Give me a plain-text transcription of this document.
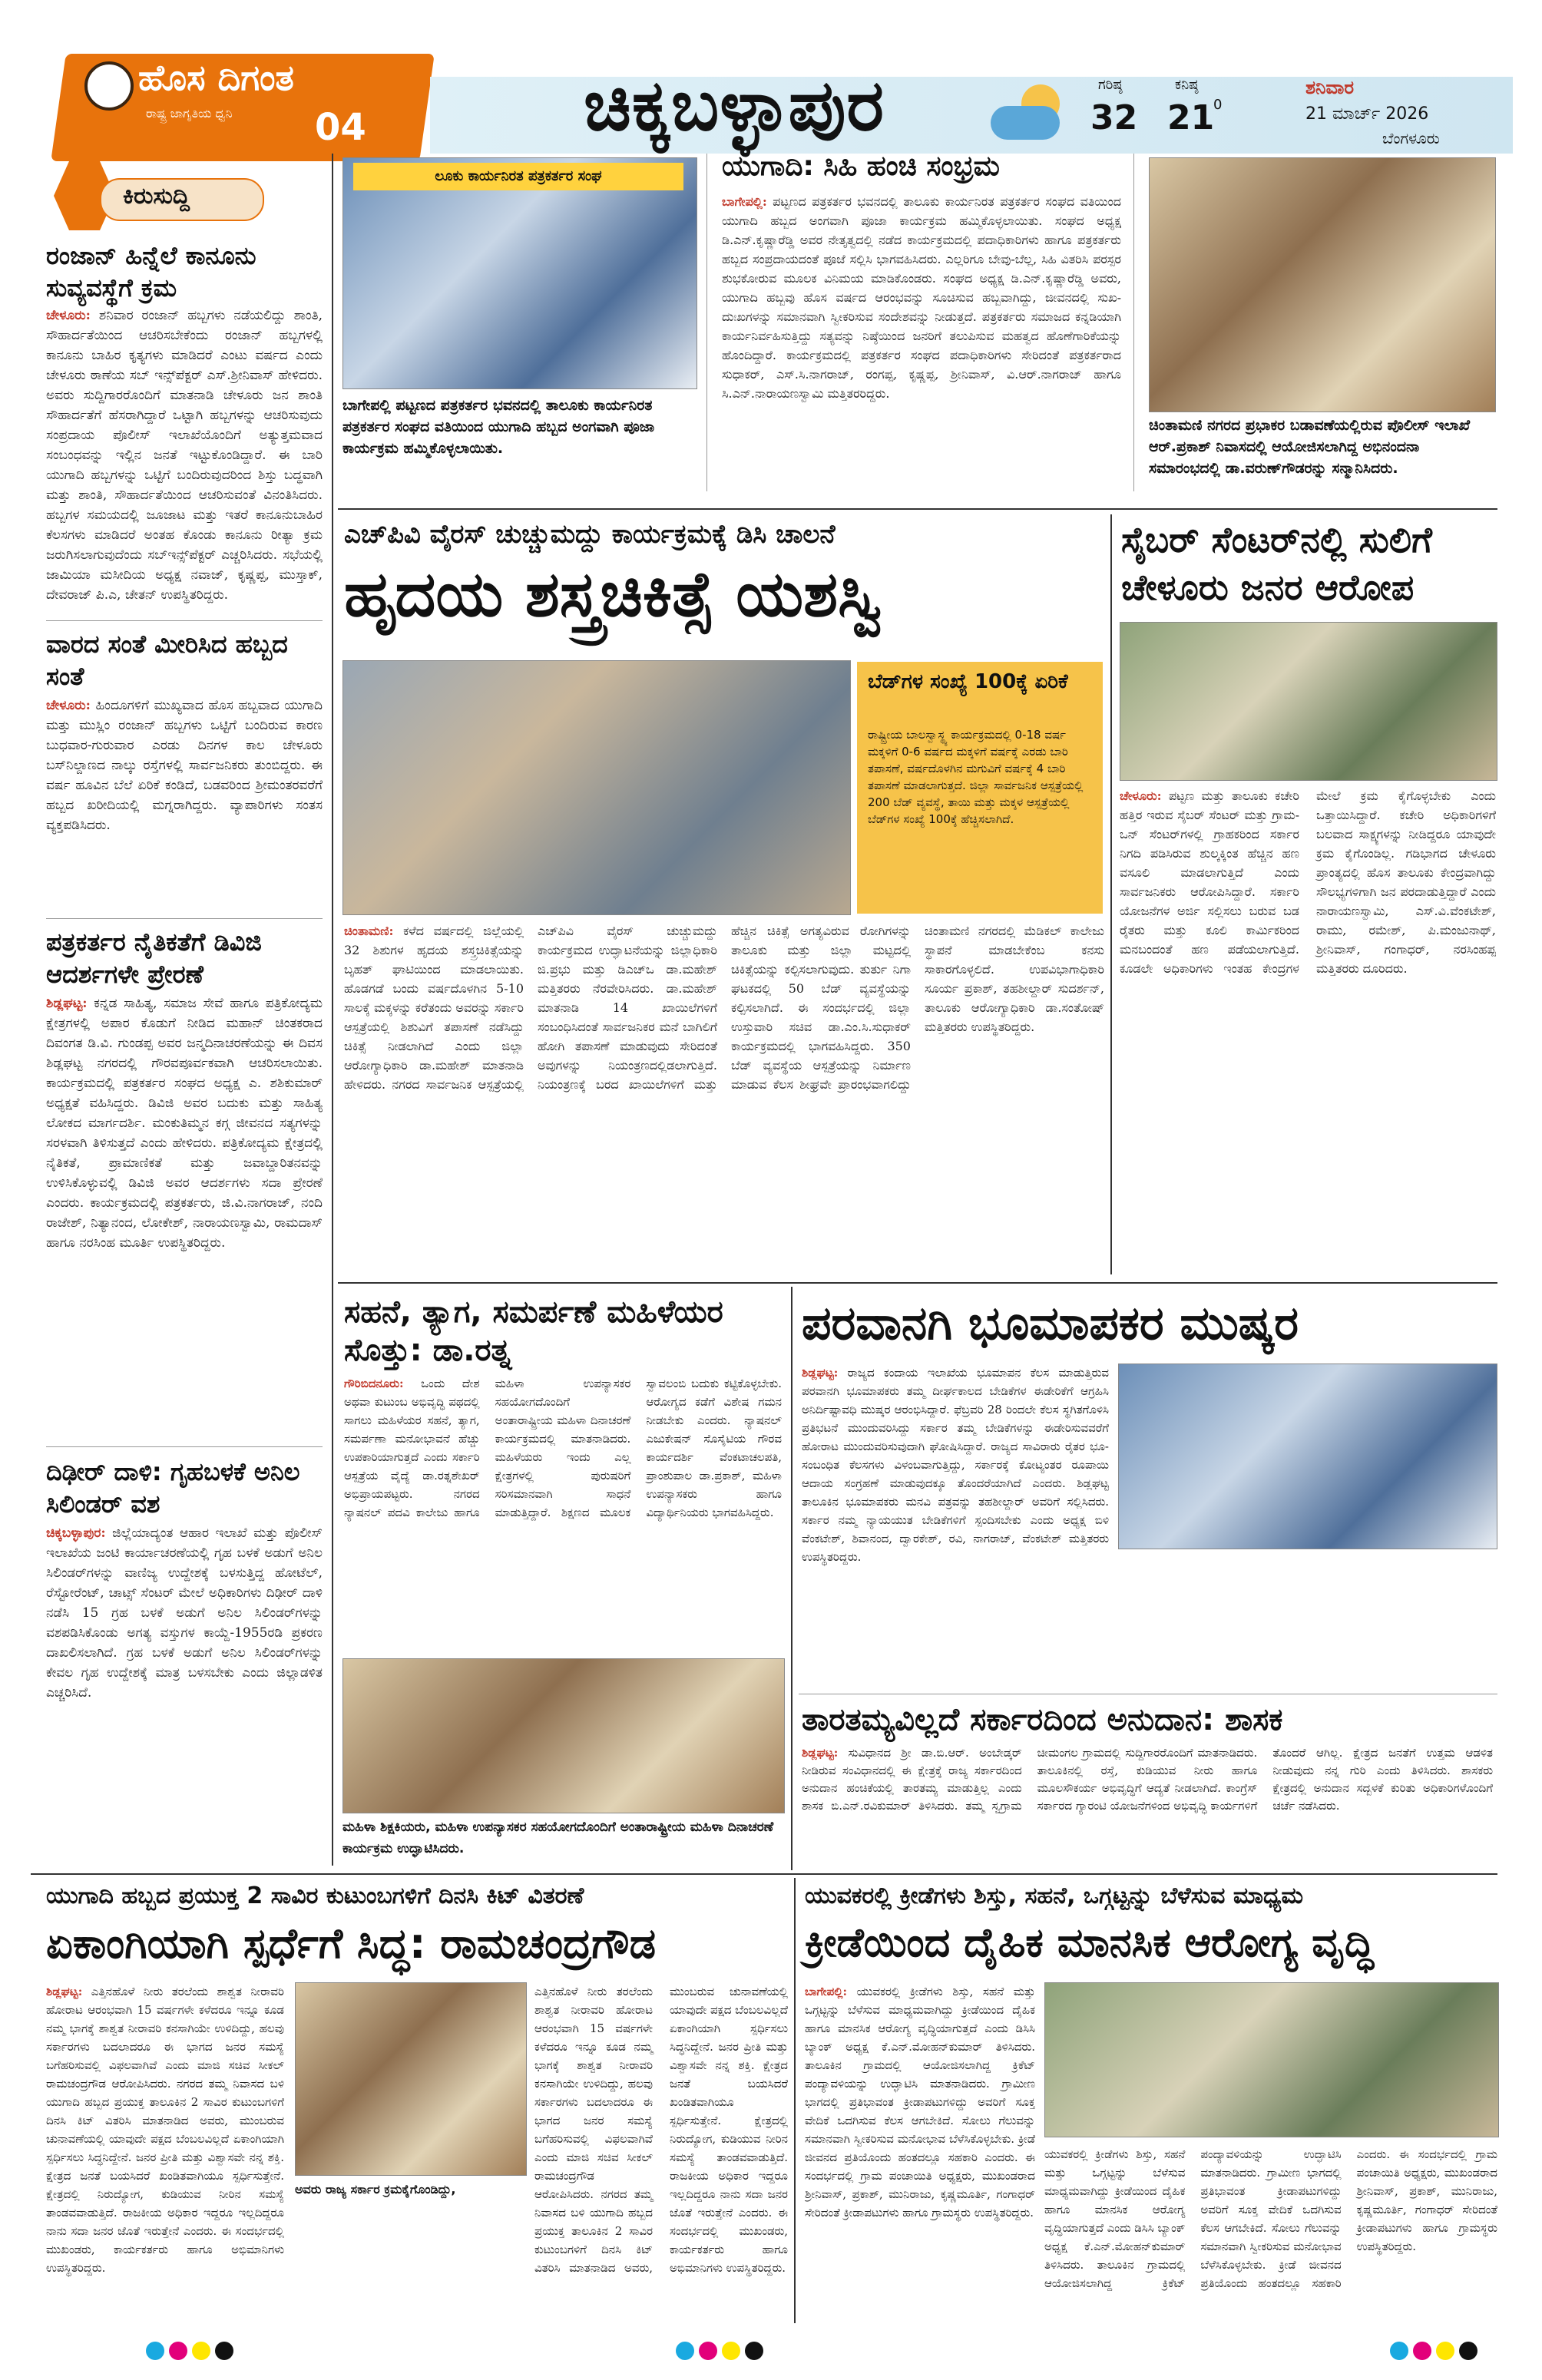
ಹೊಸ ದಿಗಂತ
ರಾಷ್ಟ್ರ ಜಾಗೃತಿಯ ಧ್ವನಿ 04	ಚಿಕ್ಕಬಳ್ಳಾಪುರ	ಗರಿಷ್ಠ
32
ಕನಿಷ್ಠ
21
0
ಶನಿವಾರ
21 ಮಾರ್ಚ್ 2026
ಬೆಂಗಳೂರು
ಕಿರುಸುದ್ದಿ
ರಂಜಾನ್ ಹಿನ್ನೆಲೆ ಕಾನೂನು ಸುವ್ಯವಸ್ಥೆಗೆ ಕ್ರಮ
ಚೇಳೂರು: ಶನಿವಾರ ರಂಜಾನ್ ಹಬ್ಬಗಳು ನಡೆಯಲಿದ್ದು ಶಾಂತಿ, ಸೌಹಾರ್ದತೆಯಿಂದ ಆಚರಿಸಬೇಕೆಂದು ರಂಜಾನ್ ಹಬ್ಬಗಳಲ್ಲಿ ಕಾನೂನು ಬಾಹಿರ ಕೃತ್ಯಗಳು ಮಾಡಿದರೆ ಎಂಟು ವರ್ಷದ ಎಂದು ಚೇಳೂರು ಠಾಣೆಯ ಸಬ್ ಇನ್ಸ್‌ಪೆಕ್ಟರ್ ಎಸ್.ಶ್ರೀನಿವಾಸ್ ಹೇಳಿದರು. ಅವರು ಸುದ್ದಿಗಾರರೊಂದಿಗೆ ಮಾತನಾಡಿ ಚೇಳೂರು ಜನ ಶಾಂತಿ ಸೌಹಾರ್ದತೆಗೆ ಹೆಸರಾಗಿದ್ದಾರೆ ಒಟ್ಟಾಗಿ ಹಬ್ಬಗಳನ್ನು ಆಚರಿಸುವುದು ಸಂಪ್ರದಾಯ ಪೊಲೀಸ್ ಇಲಾಖೆಯೊಂದಿಗೆ ಅತ್ಯುತ್ತಮವಾದ ಸಂಬಂಧವನ್ನು ಇಲ್ಲಿನ ಜನತೆ ಇಟ್ಟುಕೊಂಡಿದ್ದಾರೆ. ಈ ಬಾರಿ ಯುಗಾದಿ ಹಬ್ಬಗಳನ್ನು ಒಟ್ಟಿಗೆ ಬಂದಿರುವುದರಿಂದ ಶಿಸ್ತು ಬದ್ಧವಾಗಿ ಮತ್ತು ಶಾಂತಿ, ಸೌಹಾರ್ದತೆಯಿಂದ ಆಚರಿಸುವಂತೆ ವಿನಂತಿಸಿದರು. ಹಬ್ಬಗಳ ಸಮಯದಲ್ಲಿ ಜೂಜಾಟ ಮತ್ತು ಇತರೆ ಕಾನೂನುಬಾಹಿರ ಕೆಲಸಗಳು ಮಾಡಿದರೆ ಅಂತಹ ಕೊಂಡು ಕಾನೂನು ರೀತ್ಯಾ ಕ್ರಮ ಜರುಗಿಸಲಾಗುವುದೆಂದು ಸಬ್‌ಇನ್ಸ್‌ಪೆಕ್ಟರ್ ಎಚ್ಚರಿಸಿದರು. ಸಭೆಯಲ್ಲಿ ಜಾಮಿಯಾ ಮಸೀದಿಯ ಅಧ್ಯಕ್ಷ ನವಾಜ್, ಕೃಷ್ಣಪ್ಪ, ಮುಸ್ತಾಕ್, ದೇವರಾಜ್ ಪಿ.ಎ, ಚೇತನ್ ಉಪಸ್ಥಿತರಿದ್ದರು.
ವಾರದ ಸಂತೆ ಮೀರಿಸಿದ ಹಬ್ಬದ ಸಂತೆ
ಚೇಳೂರು: ಹಿಂದೂಗಳಿಗೆ ಮುಖ್ಯವಾದ ಹೊಸ ಹಬ್ಬವಾದ ಯುಗಾದಿ ಮತ್ತು ಮುಸ್ಲಿಂ ರಂಜಾನ್ ಹಬ್ಬಗಳು ಒಟ್ಟಿಗೆ ಬಂದಿರುವ ಕಾರಣ ಬುಧವಾರ-ಗುರುವಾರ ಎರಡು ದಿನಗಳ ಕಾಲ ಚೇಳೂರು ಬಸ್‌ನಿಲ್ದಾಣದ ನಾಲ್ಕು ರಸ್ತೆಗಳಲ್ಲಿ ಸಾರ್ವಜನಿಕರು ತುಂಬಿದ್ದರು. ಈ ವರ್ಷ ಹೂವಿನ ಬೆಲೆ ಏರಿಕೆ ಕಂಡಿದೆ, ಬಡವರಿಂದ ಶ್ರೀಮಂತರವರೆಗೆ ಹಬ್ಬದ ಖರೀದಿಯಲ್ಲಿ ಮಗ್ನರಾಗಿದ್ದರು. ವ್ಯಾಪಾರಿಗಳು ಸಂತಸ ವ್ಯಕ್ತಪಡಿಸಿದರು.
ಪತ್ರಕರ್ತರ ನೈತಿಕತೆಗೆ ಡಿವಿಜಿ ಆದರ್ಶಗಳೇ ಪ್ರೇರಣೆ
ಶಿಡ್ಲಘಟ್ಟ: ಕನ್ನಡ ಸಾಹಿತ್ಯ, ಸಮಾಜ ಸೇವೆ ಹಾಗೂ ಪತ್ರಿಕೋದ್ಯಮ ಕ್ಷೇತ್ರಗಳಲ್ಲಿ ಅಪಾರ ಕೊಡುಗೆ ನೀಡಿದ ಮಹಾನ್ ಚಿಂತಕರಾದ ದಿವಂಗತ ಡಿ.ವಿ. ಗುಂಡಪ್ಪ ಅವರ ಜನ್ಮದಿನಾಚರಣೆಯನ್ನು ಈ ದಿವಸ ಶಿಡ್ಲಘಟ್ಟ ನಗರದಲ್ಲಿ ಗೌರವಪೂರ್ವಕವಾಗಿ ಆಚರಿಸಲಾಯಿತು. ಕಾರ್ಯಕ್ರಮದಲ್ಲಿ ಪತ್ರಕರ್ತರ ಸಂಘದ ಅಧ್ಯಕ್ಷ ಎ. ಶಶಿಕುಮಾರ್ ಅಧ್ಯಕ್ಷತೆ ವಹಿಸಿದ್ದರು. ಡಿವಿಜಿ ಅವರ ಬದುಕು ಮತ್ತು ಸಾಹಿತ್ಯ ಲೋಕದ ಮಾರ್ಗದರ್ಶಿ. ಮಂಕುತಿಮ್ಮನ ಕಗ್ಗ ಜೀವನದ ಸತ್ಯಗಳನ್ನು ಸರಳವಾಗಿ ತಿಳಿಸುತ್ತದೆ ಎಂದು ಹೇಳಿದರು. ಪತ್ರಿಕೋದ್ಯಮ ಕ್ಷೇತ್ರದಲ್ಲಿ ನೈತಿಕತೆ, ಪ್ರಾಮಾಣಿಕತೆ ಮತ್ತು ಜವಾಬ್ದಾರಿತನವನ್ನು ಉಳಿಸಿಕೊಳ್ಳುವಲ್ಲಿ ಡಿವಿಜಿ ಅವರ ಆದರ್ಶಗಳು ಸದಾ ಪ್ರೇರಣೆ ಎಂದರು. ಕಾರ್ಯಕ್ರಮದಲ್ಲಿ ಪತ್ರಕರ್ತರು, ಜಿ.ವಿ.ನಾಗರಾಜ್, ನಂದಿ ರಾಜೇಶ್, ನಿತ್ಯಾನಂದ, ಲೋಕೇಶ್, ನಾರಾಯಣಸ್ವಾಮಿ, ರಾಮದಾಸ್ ಹಾಗೂ ನರಸಿಂಹ ಮೂರ್ತಿ ಉಪಸ್ಥಿತರಿದ್ದರು.
ದಿಢೀರ್ ದಾಳಿ: ಗೃಹಬಳಕೆ ಅನಿಲ ಸಿಲಿಂಡರ್ ವಶ
ಚಿಕ್ಕಬಳ್ಳಾಪುರ: ಜಿಲ್ಲೆಯಾದ್ಯಂತ ಆಹಾರ ಇಲಾಖೆ ಮತ್ತು ಪೊಲೀಸ್ ಇಲಾಖೆಯ ಜಂಟಿ ಕಾರ್ಯಾಚರಣೆಯಲ್ಲಿ ಗೃಹ ಬಳಕೆ ಅಡುಗೆ ಅನಿಲ ಸಿಲಿಂಡರ್‌ಗಳನ್ನು ವಾಣಿಜ್ಯ ಉದ್ದೇಶಕ್ಕೆ ಬಳಸುತ್ತಿದ್ದ ಹೋಟೆಲ್, ರೆಸ್ಟೋರೆಂಟ್, ಚಾಟ್ಸ್ ಸೆಂಟರ್ ಮೇಲೆ ಅಧಿಕಾರಿಗಳು ದಿಢೀರ್ ದಾಳಿ ನಡೆಸಿ 15 ಗ್ರಹ ಬಳಕೆ ಅಡುಗೆ ಅನಿಲ ಸಿಲಿಂಡರ್‌ಗಳನ್ನು ವಶಪಡಿಸಿಕೊಂಡು ಅಗತ್ಯ ವಸ್ತುಗಳ ಕಾಯ್ದೆ-1955ರಡಿ ಪ್ರಕರಣ ದಾಖಲಿಸಲಾಗಿದೆ. ಗ್ರಹ ಬಳಕೆ ಅಡುಗೆ ಅನಿಲ ಸಿಲಿಂಡರ್‌ಗಳನ್ನು ಕೇವಲ ಗೃಹ ಉದ್ದೇಶಕ್ಕೆ ಮಾತ್ರ ಬಳಸಬೇಕು ಎಂದು ಜಿಲ್ಲಾಡಳಿತ ಎಚ್ಚರಿಸಿದೆ.
ಲೂಕು ಕಾರ್ಯನಿರತ ಪತ್ರಕರ್ತರ ಸಂಘ
ಬಾಗೇಪಲ್ಲಿ ಪಟ್ಟಣದ ಪತ್ರಕರ್ತರ ಭವನದಲ್ಲಿ ತಾಲೂಕು ಕಾರ್ಯನಿರತ ಪತ್ರಕರ್ತರ ಸಂಘದ ವತಿಯಿಂದ ಯುಗಾದಿ ಹಬ್ಬದ ಅಂಗವಾಗಿ ಪೂಜಾ ಕಾರ್ಯಕ್ರಮ ಹಮ್ಮಿಕೊಳ್ಳಲಾಯಿತು.
ಯುಗಾದಿ: ಸಿಹಿ ಹಂಚಿ ಸಂಭ್ರಮ
ಬಾಗೇಪಲ್ಲಿ: ಪಟ್ಟಣದ ಪತ್ರಕರ್ತರ ಭವನದಲ್ಲಿ ತಾಲೂಕು ಕಾರ್ಯನಿರತ ಪತ್ರಕರ್ತರ ಸಂಘದ ವತಿಯಿಂದ ಯುಗಾದಿ ಹಬ್ಬದ ಅಂಗವಾಗಿ ಪೂಜಾ ಕಾರ್ಯಕ್ರಮ ಹಮ್ಮಿಕೊಳ್ಳಲಾಯಿತು. ಸಂಘದ ಅಧ್ಯಕ್ಷ ಡಿ.ಎನ್.ಕೃಷ್ಣಾರೆಡ್ಡಿ ಅವರ ನೇತೃತ್ವದಲ್ಲಿ ನಡೆದ ಕಾರ್ಯಕ್ರಮದಲ್ಲಿ ಪದಾಧಿಕಾರಿಗಳು ಹಾಗೂ ಪತ್ರಕರ್ತರು ಹಬ್ಬದ ಸಂಪ್ರದಾಯದಂತೆ ಪೂಜೆ ಸಲ್ಲಿಸಿ ಭಾಗವಹಿಸಿದರು. ಎಲ್ಲರಿಗೂ ಬೇವು-ಬೆಲ್ಲ, ಸಿಹಿ ವಿತರಿಸಿ ಪರಸ್ಪರ ಶುಭಕೋರುವ ಮೂಲಕ ವಿನಿಮಯ ಮಾಡಿಕೊಂಡರು. ಸಂಘದ ಅಧ್ಯಕ್ಷ ಡಿ.ಎನ್.ಕೃಷ್ಣಾರೆಡ್ಡಿ ಅವರು, ಯುಗಾದಿ ಹಬ್ಬವು ಹೊಸ ವರ್ಷದ ಆರಂಭವನ್ನು ಸೂಚಿಸುವ ಹಬ್ಬವಾಗಿದ್ದು, ಜೀವನದಲ್ಲಿ ಸುಖ-ದುಃಖಗಳನ್ನು ಸಮಾನವಾಗಿ ಸ್ವೀಕರಿಸುವ ಸಂದೇಶವನ್ನು ನೀಡುತ್ತದೆ. ಪತ್ರಕರ್ತರು ಸಮಾಜದ ಕನ್ನಡಿಯಾಗಿ ಕಾರ್ಯನಿರ್ವಹಿಸುತ್ತಿದ್ದು ಸತ್ಯವನ್ನು ನಿಷ್ಠೆಯಿಂದ ಜನರಿಗೆ ತಲುಪಿಸುವ ಮಹತ್ವದ ಹೊಣೆಗಾರಿಕೆಯನ್ನು ಹೊಂದಿದ್ದಾರೆ. ಕಾರ್ಯಕ್ರಮದಲ್ಲಿ ಪತ್ರಕರ್ತರ ಸಂಘದ ಪದಾಧಿಕಾರಿಗಳು ಸೇರಿದಂತೆ ಪತ್ರಕರ್ತರಾದ ಸುಧಾಕರ್, ಎಸ್.ಸಿ.ನಾಗರಾಜ್, ರಂಗಪ್ಪ, ಕೃಷ್ಣಪ್ಪ, ಶ್ರೀನಿವಾಸ್, ವಿ.ಆರ್.ನಾಗರಾಜ್ ಹಾಗೂ ಸಿ.ಎನ್.ನಾರಾಯಣಸ್ವಾಮಿ ಮತ್ತಿತರರಿದ್ದರು.
ಚಿಂತಾಮಣಿ ನಗರದ ಪ್ರಭಾಕರ ಬಡಾವಣೆಯಲ್ಲಿರುವ ಪೊಲೀಸ್ ಇಲಾಖೆ ಆರ್.ಪ್ರಕಾಶ್ ನಿವಾಸದಲ್ಲಿ ಆಯೋಜಿಸಲಾಗಿದ್ದ ಅಭಿನಂದನಾ ಸಮಾರಂಭದಲ್ಲಿ ಡಾ.ವರುಣ್‌ಗೌಡರನ್ನು ಸನ್ಮಾನಿಸಿದರು.
ಎಚ್‌ಪಿವಿ ವೈರಸ್ ಚುಚ್ಚುಮದ್ದು ಕಾರ್ಯಕ್ರಮಕ್ಕೆ ಡಿಸಿ ಚಾಲನೆ
ಹೃದಯ ಶಸ್ತ್ರಚಿಕಿತ್ಸೆ ಯಶಸ್ವಿ
ಬೆಡ್‌ಗಳ ಸಂಖ್ಯೆ 100ಕ್ಕೆ ಏರಿಕೆ
ರಾಷ್ಟ್ರೀಯ ಬಾಲಸ್ವಾಸ್ಥ್ಯ ಕಾರ್ಯಕ್ರಮದಲ್ಲಿ 0-18 ವರ್ಷ ಮಕ್ಕಳಿಗೆ 0-6 ವರ್ಷದ ಮಕ್ಕಳಿಗೆ ವರ್ಷಕ್ಕೆ ಎರಡು ಬಾರಿ ತಪಾಸಣೆ, ವರ್ಷದೊಳಗಿನ ಮಗುವಿಗೆ ವರ್ಷಕ್ಕೆ 4 ಬಾರಿ ತಪಾಸಣೆ ಮಾಡಲಾಗುತ್ತದೆ. ಜಿಲ್ಲಾ ಸಾರ್ವಜನಿಕ ಆಸ್ಪತ್ರೆಯಲ್ಲಿ 200 ಬೆಡ್ ವ್ಯವಸ್ಥೆ, ತಾಯಿ ಮತ್ತು ಮಕ್ಕಳ ಆಸ್ಪತ್ರೆಯಲ್ಲಿ ಬೆಡ್‌ಗಳ ಸಂಖ್ಯೆ 100ಕ್ಕೆ ಹೆಚ್ಚಿಸಲಾಗಿದೆ.
ಚಿಂತಾಮಣಿ: ಕಳೆದ ವರ್ಷದಲ್ಲಿ ಜಿಲ್ಲೆಯಲ್ಲಿ 32 ಶಿಶುಗಳ ಹೃದಯ ಶಸ್ತ್ರಚಿಕಿತ್ಸೆಯನ್ನು ಬೃಹತ್ ಘಾಟಿಯಿಂದ ಮಾಡಲಾಯಿತು. ಹೊಡಗಡೆ ಬಂದು ವರ್ಷದೊಳಗಿನ 5-10 ಸಾಲಕ್ಕೆ ಮಕ್ಕಳನ್ನು ಕರೆತಂದು ಅವರನ್ನು ಸರ್ಕಾರಿ ಆಸ್ಪತ್ರೆಯಲ್ಲಿ ಶಿಶುವಿಗೆ ತಪಾಸಣೆ ನಡೆಸಿದ್ದು ಚಿಕಿತ್ಸೆ ನೀಡಲಾಗಿದೆ ಎಂದು ಜಿಲ್ಲಾ ಆರೋಗ್ಯಾಧಿಕಾರಿ ಡಾ.ಮಹೇಶ್ ಮಾತನಾಡಿ ಹೇಳಿದರು. ನಗರದ ಸಾರ್ವಜನಿಕ ಆಸ್ಪತ್ರೆಯಲ್ಲಿ ಎಚ್‌ಪಿವಿ ವೈರಸ್ ಚುಚ್ಚುಮದ್ದು ಕಾರ್ಯಕ್ರಮದ ಉದ್ಘಾಟನೆಯನ್ನು ಜಿಲ್ಲಾಧಿಕಾರಿ ಜಿ.ಪ್ರಭು ಮತ್ತು ಡಿಎಚ್‌ಒ ಡಾ.ಮಹೇಶ್ ಮತ್ತಿತರರು ನೆರವೇರಿಸಿದರು. ಡಾ.ಮಹೇಶ್ ಮಾತನಾಡಿ 14 ಖಾಯಿಲೆಗಳಿಗೆ ಸಂಬಂಧಿಸಿದಂತೆ ಸಾರ್ವಜನಿಕರ ಮನೆ ಬಾಗಿಲಿಗೆ ಹೋಗಿ ತಪಾಸಣೆ ಮಾಡುವುದು ಸೇರಿದಂತೆ ಅವುಗಳನ್ನು ನಿಯಂತ್ರಣದಲ್ಲಿಡಲಾಗುತ್ತಿದೆ. ನಿಯಂತ್ರಣಕ್ಕೆ ಬರದ ಖಾಯಿಲೆಗಳಿಗೆ ಮತ್ತು ಹೆಚ್ಚಿನ ಚಿಕಿತ್ಸೆ ಅಗತ್ಯವಿರುವ ರೋಗಿಗಳನ್ನು ತಾಲೂಕು ಮತ್ತು ಜಿಲ್ಲಾ ಮಟ್ಟದಲ್ಲಿ ಚಿಕಿತ್ಸೆಯನ್ನು ಕಲ್ಪಿಸಲಾಗುವುದು. ತುರ್ತು ನಿಗಾ ಘಟಕದಲ್ಲಿ 50 ಬೆಡ್ ವ್ಯವಸ್ಥೆಯನ್ನು ಕಲ್ಪಿಸಲಾಗಿದೆ. ಈ ಸಂದರ್ಭದಲ್ಲಿ ಜಿಲ್ಲಾ ಉಸ್ತುವಾರಿ ಸಚಿವ ಡಾ.ಎಂ.ಸಿ.ಸುಧಾಕರ್ ಕಾರ್ಯಕ್ರಮದಲ್ಲಿ ಭಾಗವಹಿಸಿದ್ದರು. 350 ಬೆಡ್ ವ್ಯವಸ್ಥೆಯ ಆಸ್ಪತ್ರೆಯನ್ನು ನಿರ್ಮಾಣ ಮಾಡುವ ಕೆಲಸ ಶೀಘ್ರವೇ ಪ್ರಾರಂಭವಾಗಲಿದ್ದು ಚಿಂತಾಮಣಿ ನಗರದಲ್ಲಿ ಮೆಡಿಕಲ್ ಕಾಲೇಜು ಸ್ಥಾಪನೆ ಮಾಡಬೇಕೆಂಬ ಕನಸು ಸಾಕಾರಗೊಳ್ಳಲಿದೆ. ಉಪವಿಭಾಗಾಧಿಕಾರಿ ಸೂರ್ಯ ಪ್ರಕಾಶ್, ತಹಶೀಲ್ದಾರ್ ಸುದರ್ಶನ್, ತಾಲೂಕು ಆರೋಗ್ಯಾಧಿಕಾರಿ ಡಾ.ಸಂತೋಷ್ ಮತ್ತಿತರರು ಉಪಸ್ಥಿತರಿದ್ದರು.
ಸೈಬರ್ ಸೆಂಟರ್‌ನಲ್ಲಿ ಸುಲಿಗೆ ಚೇಳೂರು ಜನರ ಆರೋಪ
ಚೇಳೂರು: ಪಟ್ಟಣ ಮತ್ತು ತಾಲೂಕು ಕಚೇರಿ ಹತ್ತಿರ ಇರುವ ಸೈಬರ್ ಸೆಂಟರ್ ಮತ್ತು ಗ್ರಾಮ-ಒನ್ ಸೆಂಟರ್‌ಗಳಲ್ಲಿ ಗ್ರಾಹಕರಿಂದ ಸರ್ಕಾರ ನಿಗದಿ ಪಡಿಸಿರುವ ಶುಲ್ಕಕ್ಕಿಂತ ಹೆಚ್ಚಿನ ಹಣ ವಸೂಲಿ ಮಾಡಲಾಗುತ್ತಿದೆ ಎಂದು ಸಾರ್ವಜನಿಕರು ಆರೋಪಿಸಿದ್ದಾರೆ. ಸರ್ಕಾರಿ ಯೋಜನೆಗಳ ಅರ್ಜಿ ಸಲ್ಲಿಸಲು ಬರುವ ಬಡ ರೈತರು ಮತ್ತು ಕೂಲಿ ಕಾರ್ಮಿಕರಿಂದ ಮನಬಂದಂತೆ ಹಣ ಪಡೆಯಲಾಗುತ್ತಿದೆ. ಕೂಡಲೇ ಅಧಿಕಾರಿಗಳು ಇಂತಹ ಕೇಂದ್ರಗಳ ಮೇಲೆ ಕ್ರಮ ಕೈಗೊಳ್ಳಬೇಕು ಎಂದು ಒತ್ತಾಯಿಸಿದ್ದಾರೆ. ಕಚೇರಿ ಅಧಿಕಾರಿಗಳಿಗೆ ಬಲವಾದ ಸಾಕ್ಷ್ಯಗಳನ್ನು ನೀಡಿದ್ದರೂ ಯಾವುದೇ ಕ್ರಮ ಕೈಗೊಂಡಿಲ್ಲ. ಗಡಿಭಾಗದ ಚೇಳೂರು ಪ್ರಾಂತ್ಯದಲ್ಲಿ ಹೊಸ ತಾಲೂಕು ಕೇಂದ್ರವಾಗಿದ್ದು ಸೌಲಭ್ಯಗಳಿಗಾಗಿ ಜನ ಪರದಾಡುತ್ತಿದ್ದಾರೆ ಎಂದು ನಾರಾಯಣಸ್ವಾಮಿ, ಎಸ್.ವಿ.ವೆಂಕಟೇಶ್, ರಾಮು, ರಮೇಶ್, ಪಿ.ಮಂಜುನಾಥ್, ಶ್ರೀನಿವಾಸ್, ಗಂಗಾಧರ್, ನರಸಿಂಹಪ್ಪ ಮತ್ತಿತರರು ದೂರಿದರು.
ಸಹನೆ, ತ್ಯಾಗ, ಸಮರ್ಪಣೆ ಮಹಿಳೆಯರ ಸೊತ್ತು: ಡಾ.ರತ್ನ
ಗೌರಿಬಿದನೂರು: ಒಂದು ದೇಶ ಅಥವಾ ಕುಟುಂಬ ಅಭಿವೃದ್ಧಿ ಪಥದಲ್ಲಿ ಸಾಗಲು ಮಹಿಳೆಯರ ಸಹನೆ, ತ್ಯಾಗ, ಸಮರ್ಪಣಾ ಮನೋಭಾವನೆ ಹೆಚ್ಚು ಉಪಕಾರಿಯಾಗುತ್ತದೆ ಎಂದು ಸರ್ಕಾರಿ ಆಸ್ಪತ್ರೆಯ ವೈದ್ಯೆ ಡಾ.ರತ್ನಶೇಖರ್ ಅಭಿಪ್ರಾಯಪಟ್ಟರು. ನಗರದ ನ್ಯಾಷನಲ್ ಪದವಿ ಕಾಲೇಜು ಹಾಗೂ ಮಹಿಳಾ ಉಪನ್ಯಾಸಕರ ಸಹಯೋಗದೊಂದಿಗೆ ಅಂತಾರಾಷ್ಟ್ರೀಯ ಮಹಿಳಾ ದಿನಾಚರಣೆ ಕಾರ್ಯಕ್ರಮದಲ್ಲಿ ಮಾತನಾಡಿದರು. ಮಹಿಳೆಯರು ಇಂದು ಎಲ್ಲ ಕ್ಷೇತ್ರಗಳಲ್ಲಿ ಪುರುಷರಿಗೆ ಸರಿಸಮಾನವಾಗಿ ಸಾಧನೆ ಮಾಡುತ್ತಿದ್ದಾರೆ. ಶಿಕ್ಷಣದ ಮೂಲಕ ಸ್ವಾವಲಂಬಿ ಬದುಕು ಕಟ್ಟಿಕೊಳ್ಳಬೇಕು. ಆರೋಗ್ಯದ ಕಡೆಗೆ ವಿಶೇಷ ಗಮನ ನೀಡಬೇಕು ಎಂದರು. ನ್ಯಾಷನಲ್ ಎಜುಕೇಷನ್ ಸೊಸೈಟಿಯ ಗೌರವ ಕಾರ್ಯದರ್ಶಿ ವೆಂಕಟಾಚಲಪತಿ, ಪ್ರಾಂಶುಪಾಲ ಡಾ.ಪ್ರಕಾಶ್, ಮಹಿಳಾ ಉಪನ್ಯಾಸಕರು ಹಾಗೂ ವಿದ್ಯಾರ್ಥಿನಿಯರು ಭಾಗವಹಿಸಿದ್ದರು.
ಮಹಿಳಾ ಶಿಕ್ಷಕಿಯರು, ಮಹಿಳಾ ಉಪನ್ಯಾಸಕರ ಸಹಯೋಗದೊಂದಿಗೆ ಅಂತಾರಾಷ್ಟ್ರೀಯ ಮಹಿಳಾ ದಿನಾಚರಣೆ ಕಾರ್ಯಕ್ರಮ ಉದ್ಘಾಟಿಸಿದರು.
ಪರವಾನಗಿ ಭೂಮಾಪಕರ ಮುಷ್ಕರ
ಶಿಡ್ಲಘಟ್ಟ: ರಾಜ್ಯದ ಕಂದಾಯ ಇಲಾಖೆಯ ಭೂಮಾಪನ ಕೆಲಸ ಮಾಡುತ್ತಿರುವ ಪರವಾನಗಿ ಭೂಮಾಪಕರು ತಮ್ಮ ದೀರ್ಘಕಾಲದ ಬೇಡಿಕೆಗಳ ಈಡೇರಿಕೆಗೆ ಆಗ್ರಹಿಸಿ ಅನಿರ್ದಿಷ್ಟಾವಧಿ ಮುಷ್ಕರ ಆರಂಭಿಸಿದ್ದಾರೆ. ಫೆಬ್ರವರಿ 28 ರಿಂದಲೇ ಕೆಲಸ ಸ್ಥಗಿತಗೊಳಿಸಿ ಪ್ರತಿಭಟನೆ ಮುಂದುವರಿಸಿದ್ದು ಸರ್ಕಾರ ತಮ್ಮ ಬೇಡಿಕೆಗಳನ್ನು ಈಡೇರಿಸುವವರೆಗೆ ಹೋರಾಟ ಮುಂದುವರಿಸುವುದಾಗಿ ಘೋಷಿಸಿದ್ದಾರೆ. ರಾಜ್ಯದ ಸಾವಿರಾರು ರೈತರ ಭೂ-ಸಂಬಂಧಿತ ಕೆಲಸಗಳು ವಿಳಂಬವಾಗುತ್ತಿದ್ದು, ಸರ್ಕಾರಕ್ಕೆ ಕೋಟ್ಯಂತರ ರೂಪಾಯಿ ಆದಾಯ ಸಂಗ್ರಹಣೆ ಮಾಡುವುದಕ್ಕೂ ತೊಂದರೆಯಾಗಿದೆ ಎಂದರು. ಶಿಡ್ಲಘಟ್ಟ ತಾಲೂಕಿನ ಭೂಮಾಪಕರು ಮನವಿ ಪತ್ರವನ್ನು ತಹಶೀಲ್ದಾರ್ ಅವರಿಗೆ ಸಲ್ಲಿಸಿದರು. ಸರ್ಕಾರ ನಮ್ಮ ನ್ಯಾಯಯುತ ಬೇಡಿಕೆಗಳಿಗೆ ಸ್ಪಂದಿಸಬೇಕು ಎಂದು ಅಧ್ಯಕ್ಷ ಬಿಳಿ ವೆಂಕಟೇಶ್, ಶಿವಾನಂದ, ದ್ವಾರಕೇಶ್, ರವಿ, ನಾಗರಾಜ್, ವೆಂಕಟೇಶ್ ಮತ್ತಿತರರು ಉಪಸ್ಥಿತರಿದ್ದರು.
ತಾರತಮ್ಯವಿಲ್ಲದೆ ಸರ್ಕಾರದಿಂದ ಅನುದಾನ: ಶಾಸಕ
ಶಿಡ್ಲಘಟ್ಟ: ಸುವಿಧಾನದ ಶ್ರೀ ಡಾ.ಬಿ.ಆರ್. ಅಂಬೇಡ್ಕರ್ ನೀಡಿರುವ ಸಂವಿಧಾನದಲ್ಲಿ ಈ ಕ್ಷೇತ್ರಕ್ಕೆ ರಾಜ್ಯ ಸರ್ಕಾರದಿಂದ ಅನುದಾನ ಹಂಚಿಕೆಯಲ್ಲಿ ತಾರತಮ್ಯ ಮಾಡುತ್ತಿಲ್ಲ ಎಂದು ಶಾಸಕ ಬಿ.ಎನ್.ರವಿಕುಮಾರ್ ತಿಳಿಸಿದರು. ತಮ್ಮ ಸ್ವಗ್ರಾಮ ಚೀಮಂಗಲ ಗ್ರಾಮದಲ್ಲಿ ಸುದ್ದಿಗಾರರೊಂದಿಗೆ ಮಾತನಾಡಿದರು. ತಾಲೂಕಿನಲ್ಲಿ ರಸ್ತೆ, ಕುಡಿಯುವ ನೀರು ಹಾಗೂ ಮೂಲಸೌಕರ್ಯ ಅಭಿವೃದ್ಧಿಗೆ ಆದ್ಯತೆ ನೀಡಲಾಗಿದೆ. ಕಾಂಗ್ರೆಸ್ ಸರ್ಕಾರದ ಗ್ಯಾರಂಟಿ ಯೋಜನೆಗಳಿಂದ ಅಭಿವೃದ್ಧಿ ಕಾರ್ಯಗಳಿಗೆ ತೊಂದರೆ ಆಗಿಲ್ಲ. ಕ್ಷೇತ್ರದ ಜನತೆಗೆ ಉತ್ತಮ ಆಡಳಿತ ನೀಡುವುದು ನನ್ನ ಗುರಿ ಎಂದು ತಿಳಿಸಿದರು. ಶಾಸಕರು ಕ್ಷೇತ್ರದಲ್ಲಿ ಅನುದಾನ ಸದ್ಬಳಕೆ ಕುರಿತು ಅಧಿಕಾರಿಗಳೊಂದಿಗೆ ಚರ್ಚೆ ನಡೆಸಿದರು.
ಯುಗಾದಿ ಹಬ್ಬದ ಪ್ರಯುಕ್ತ 2 ಸಾವಿರ ಕುಟುಂಬಗಳಿಗೆ ದಿನಸಿ ಕಿಟ್ ವಿತರಣೆ
ಏಕಾಂಗಿಯಾಗಿ ಸ್ಪರ್ಧೆಗೆ ಸಿದ್ಧ: ರಾಮಚಂದ್ರಗೌಡ
ಶಿಡ್ಲಘಟ್ಟ: ಎತ್ತಿನಹೊಳೆ ನೀರು ತರಲೆಂದು ಶಾಶ್ವತ ನೀರಾವರಿ ಹೋರಾಟ ಆರಂಭವಾಗಿ 15 ವರ್ಷಗಳೇ ಕಳೆದರೂ ಇನ್ನೂ ಕೂಡ ನಮ್ಮ ಭಾಗಕ್ಕೆ ಶಾಶ್ವತ ನೀರಾವರಿ ಕನಸಾಗಿಯೇ ಉಳಿದಿದ್ದು, ಹಲವು ಸರ್ಕಾರಗಳು ಬದಲಾದರೂ ಈ ಭಾಗದ ಜನರ ಸಮಸ್ಯೆ ಬಗೆಹರಿಸುವಲ್ಲಿ ವಿಫಲವಾಗಿವೆ ಎಂದು ಮಾಜಿ ಸಚಿವ ಸೀಕಲ್ ರಾಮಚಂದ್ರಗೌಡ ಆರೋಪಿಸಿದರು. ನಗರದ ತಮ್ಮ ನಿವಾಸದ ಬಳಿ ಯುಗಾದಿ ಹಬ್ಬದ ಪ್ರಯುಕ್ತ ತಾಲೂಕಿನ 2 ಸಾವಿರ ಕುಟುಂಬಗಳಿಗೆ ದಿನಸಿ ಕಿಟ್ ವಿತರಿಸಿ ಮಾತನಾಡಿದ ಅವರು, ಮುಂಬರುವ ಚುನಾವಣೆಯಲ್ಲಿ ಯಾವುದೇ ಪಕ್ಷದ ಬೆಂಬಲವಿಲ್ಲದೆ ಏಕಾಂಗಿಯಾಗಿ ಸ್ಪರ್ಧಿಸಲು ಸಿದ್ಧನಿದ್ದೇನೆ. ಜನರ ಪ್ರೀತಿ ಮತ್ತು ವಿಶ್ವಾಸವೇ ನನ್ನ ಶಕ್ತಿ. ಕ್ಷೇತ್ರದ ಜನತೆ ಬಯಸಿದರೆ ಖಂಡಿತವಾಗಿಯೂ ಸ್ಪರ್ಧಿಸುತ್ತೇನೆ. ಕ್ಷೇತ್ರದಲ್ಲಿ ನಿರುದ್ಯೋಗ, ಕುಡಿಯುವ ನೀರಿನ ಸಮಸ್ಯೆ ತಾಂಡವವಾಡುತ್ತಿದೆ. ರಾಜಕೀಯ ಅಧಿಕಾರ ಇದ್ದರೂ ಇಲ್ಲದಿದ್ದರೂ ನಾನು ಸದಾ ಜನರ ಜೊತೆ ಇರುತ್ತೇನೆ ಎಂದರು. ಈ ಸಂದರ್ಭದಲ್ಲಿ ಮುಖಂಡರು, ಕಾರ್ಯಕರ್ತರು ಹಾಗೂ ಅಭಿಮಾನಿಗಳು ಉಪಸ್ಥಿತರಿದ್ದರು.
ಅವರು ರಾಜ್ಯ ಸರ್ಕಾರ ಕ್ರಮಕೈಗೊಂಡಿದ್ದು,
ಎತ್ತಿನಹೊಳೆ ನೀರು ತರಲೆಂದು ಶಾಶ್ವತ ನೀರಾವರಿ ಹೋರಾಟ ಆರಂಭವಾಗಿ 15 ವರ್ಷಗಳೇ ಕಳೆದರೂ ಇನ್ನೂ ಕೂಡ ನಮ್ಮ ಭಾಗಕ್ಕೆ ಶಾಶ್ವತ ನೀರಾವರಿ ಕನಸಾಗಿಯೇ ಉಳಿದಿದ್ದು, ಹಲವು ಸರ್ಕಾರಗಳು ಬದಲಾದರೂ ಈ ಭಾಗದ ಜನರ ಸಮಸ್ಯೆ ಬಗೆಹರಿಸುವಲ್ಲಿ ವಿಫಲವಾಗಿವೆ ಎಂದು ಮಾಜಿ ಸಚಿವ ಸೀಕಲ್ ರಾಮಚಂದ್ರಗೌಡ ಆರೋಪಿಸಿದರು. ನಗರದ ತಮ್ಮ ನಿವಾಸದ ಬಳಿ ಯುಗಾದಿ ಹಬ್ಬದ ಪ್ರಯುಕ್ತ ತಾಲೂಕಿನ 2 ಸಾವಿರ ಕುಟುಂಬಗಳಿಗೆ ದಿನಸಿ ಕಿಟ್ ವಿತರಿಸಿ ಮಾತನಾಡಿದ ಅವರು, ಮುಂಬರುವ ಚುನಾವಣೆಯಲ್ಲಿ ಯಾವುದೇ ಪಕ್ಷದ ಬೆಂಬಲವಿಲ್ಲದೆ ಏಕಾಂಗಿಯಾಗಿ ಸ್ಪರ್ಧಿಸಲು ಸಿದ್ಧನಿದ್ದೇನೆ. ಜನರ ಪ್ರೀತಿ ಮತ್ತು ವಿಶ್ವಾಸವೇ ನನ್ನ ಶಕ್ತಿ. ಕ್ಷೇತ್ರದ ಜನತೆ ಬಯಸಿದರೆ ಖಂಡಿತವಾಗಿಯೂ ಸ್ಪರ್ಧಿಸುತ್ತೇನೆ. ಕ್ಷೇತ್ರದಲ್ಲಿ ನಿರುದ್ಯೋಗ, ಕುಡಿಯುವ ನೀರಿನ ಸಮಸ್ಯೆ ತಾಂಡವವಾಡುತ್ತಿದೆ. ರಾಜಕೀಯ ಅಧಿಕಾರ ಇದ್ದರೂ ಇಲ್ಲದಿದ್ದರೂ ನಾನು ಸದಾ ಜನರ ಜೊತೆ ಇರುತ್ತೇನೆ ಎಂದರು. ಈ ಸಂದರ್ಭದಲ್ಲಿ ಮುಖಂಡರು, ಕಾರ್ಯಕರ್ತರು ಹಾಗೂ ಅಭಿಮಾನಿಗಳು ಉಪಸ್ಥಿತರಿದ್ದರು.
ಯುವಕರಲ್ಲಿ ಕ್ರೀಡೆಗಳು ಶಿಸ್ತು, ಸಹನೆ, ಒಗ್ಗಟ್ಟನ್ನು ಬೆಳೆಸುವ ಮಾಧ್ಯಮ
ಕ್ರೀಡೆಯಿಂದ ದೈಹಿಕ ಮಾನಸಿಕ ಆರೋಗ್ಯ ವೃದ್ಧಿ
ಬಾಗೇಪಲ್ಲಿ: ಯುವಕರಲ್ಲಿ ಕ್ರೀಡೆಗಳು ಶಿಸ್ತು, ಸಹನೆ ಮತ್ತು ಒಗ್ಗಟ್ಟನ್ನು ಬೆಳೆಸುವ ಮಾಧ್ಯಮವಾಗಿದ್ದು ಕ್ರೀಡೆಯಿಂದ ದೈಹಿಕ ಹಾಗೂ ಮಾನಸಿಕ ಆರೋಗ್ಯ ವೃದ್ಧಿಯಾಗುತ್ತದೆ ಎಂದು ಡಿಸಿಸಿ ಬ್ಯಾಂಕ್ ಅಧ್ಯಕ್ಷ ಕೆ.ಎನ್.ಮೋಹನ್‌ಕುಮಾರ್ ತಿಳಿಸಿದರು. ತಾಲೂಕಿನ ಗ್ರಾಮದಲ್ಲಿ ಆಯೋಜಿಸಲಾಗಿದ್ದ ಕ್ರಿಕೆಟ್ ಪಂದ್ಯಾವಳಿಯನ್ನು ಉದ್ಘಾಟಿಸಿ ಮಾತನಾಡಿದರು. ಗ್ರಾಮೀಣ ಭಾಗದಲ್ಲಿ ಪ್ರತಿಭಾವಂತ ಕ್ರೀಡಾಪಟುಗಳಿದ್ದು ಅವರಿಗೆ ಸೂಕ್ತ ವೇದಿಕೆ ಒದಗಿಸುವ ಕೆಲಸ ಆಗಬೇಕಿದೆ. ಸೋಲು ಗೆಲುವನ್ನು ಸಮಾನವಾಗಿ ಸ್ವೀಕರಿಸುವ ಮನೋಭಾವ ಬೆಳೆಸಿಕೊಳ್ಳಬೇಕು. ಕ್ರೀಡೆ ಜೀವನದ ಪ್ರತಿಯೊಂದು ಹಂತದಲ್ಲೂ ಸಹಕಾರಿ ಎಂದರು. ಈ ಸಂದರ್ಭದಲ್ಲಿ ಗ್ರಾಮ ಪಂಚಾಯಿತಿ ಅಧ್ಯಕ್ಷರು, ಮುಖಂಡರಾದ ಶ್ರೀನಿವಾಸ್, ಪ್ರಕಾಶ್, ಮುನಿರಾಜು, ಕೃಷ್ಣಮೂರ್ತಿ, ಗಂಗಾಧರ್ ಸೇರಿದಂತೆ ಕ್ರೀಡಾಪಟುಗಳು ಹಾಗೂ ಗ್ರಾಮಸ್ಥರು ಉಪಸ್ಥಿತರಿದ್ದರು.
ಯುವಕರಲ್ಲಿ ಕ್ರೀಡೆಗಳು ಶಿಸ್ತು, ಸಹನೆ ಮತ್ತು ಒಗ್ಗಟ್ಟನ್ನು ಬೆಳೆಸುವ ಮಾಧ್ಯಮವಾಗಿದ್ದು ಕ್ರೀಡೆಯಿಂದ ದೈಹಿಕ ಹಾಗೂ ಮಾನಸಿಕ ಆರೋಗ್ಯ ವೃದ್ಧಿಯಾಗುತ್ತದೆ ಎಂದು ಡಿಸಿಸಿ ಬ್ಯಾಂಕ್ ಅಧ್ಯಕ್ಷ ಕೆ.ಎನ್.ಮೋಹನ್‌ಕುಮಾರ್ ತಿಳಿಸಿದರು. ತಾಲೂಕಿನ ಗ್ರಾಮದಲ್ಲಿ ಆಯೋಜಿಸಲಾಗಿದ್ದ ಕ್ರಿಕೆಟ್ ಪಂದ್ಯಾವಳಿಯನ್ನು ಉದ್ಘಾಟಿಸಿ ಮಾತನಾಡಿದರು. ಗ್ರಾಮೀಣ ಭಾಗದಲ್ಲಿ ಪ್ರತಿಭಾವಂತ ಕ್ರೀಡಾಪಟುಗಳಿದ್ದು ಅವರಿಗೆ ಸೂಕ್ತ ವೇದಿಕೆ ಒದಗಿಸುವ ಕೆಲಸ ಆಗಬೇಕಿದೆ. ಸೋಲು ಗೆಲುವನ್ನು ಸಮಾನವಾಗಿ ಸ್ವೀಕರಿಸುವ ಮನೋಭಾವ ಬೆಳೆಸಿಕೊಳ್ಳಬೇಕು. ಕ್ರೀಡೆ ಜೀವನದ ಪ್ರತಿಯೊಂದು ಹಂತದಲ್ಲೂ ಸಹಕಾರಿ ಎಂದರು. ಈ ಸಂದರ್ಭದಲ್ಲಿ ಗ್ರಾಮ ಪಂಚಾಯಿತಿ ಅಧ್ಯಕ್ಷರು, ಮುಖಂಡರಾದ ಶ್ರೀನಿವಾಸ್, ಪ್ರಕಾಶ್, ಮುನಿರಾಜು, ಕೃಷ್ಣಮೂರ್ತಿ, ಗಂಗಾಧರ್ ಸೇರಿದಂತೆ ಕ್ರೀಡಾಪಟುಗಳು ಹಾಗೂ ಗ್ರಾಮಸ್ಥರು ಉಪಸ್ಥಿತರಿದ್ದರು.
